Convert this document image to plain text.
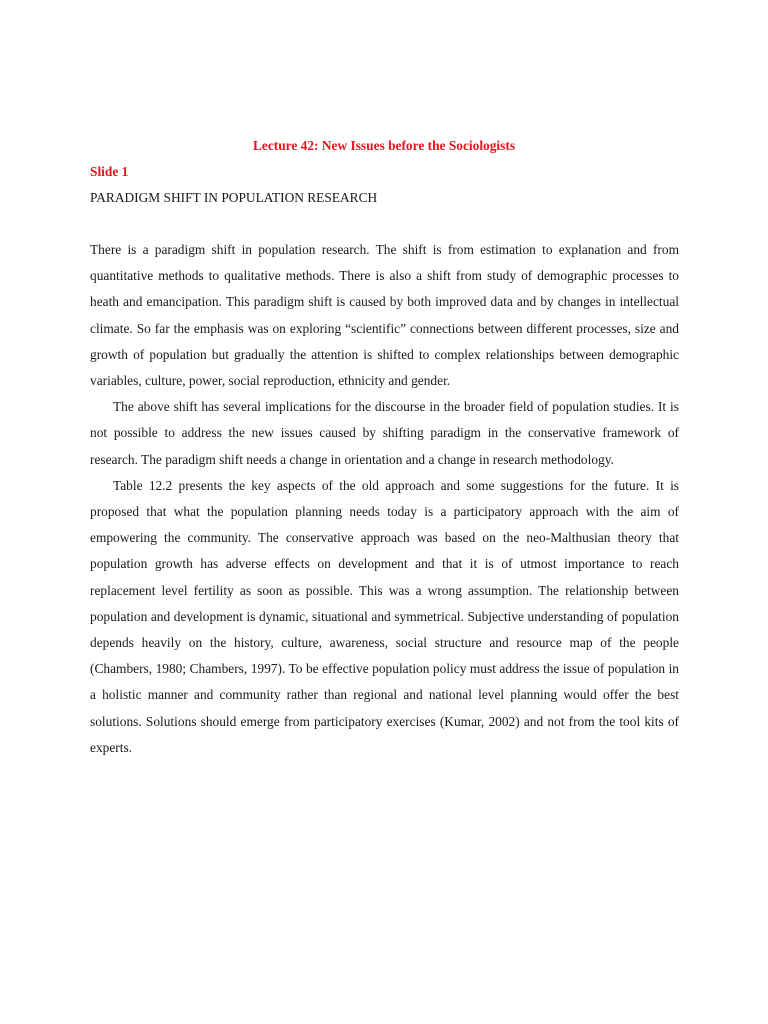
Lecture 42: New Issues before the Sociologists
Slide 1
PARADIGM SHIFT IN POPULATION RESEARCH

There is a paradigm shift in population research. The shift is from estimation to explanation and from quantitative methods to qualitative methods. There is also a shift from study of demographic processes to heath and emancipation. This paradigm shift is caused by both improved data and by changes in intellectual climate. So far the emphasis was on exploring “scientific” connections between different processes, size and growth of population but gradually the attention is shifted to complex relationships between demographic variables, culture, power, social reproduction, ethnicity and gender.

The above shift has several implications for the discourse in the broader field of population studies. It is not possible to address the new issues caused by shifting paradigm in the conservative framework of research. The paradigm shift needs a change in orientation and a change in research methodology.

Table 12.2 presents the key aspects of the old approach and some suggestions for the future. It is proposed that what the population planning needs today is a participatory approach with the aim of empowering the community. The conservative approach was based on the neo-Malthusian theory that population growth has adverse effects on development and that it is of utmost importance to reach replacement level fertility as soon as possible. This was a wrong assumption. The relationship between population and development is dynamic, situational and symmetrical. Subjective understanding of population depends heavily on the history, culture, awareness, social structure and resource map of the people (Chambers, 1980; Chambers, 1997). To be effective population policy must address the issue of population in a holistic manner and community rather than regional and national level planning would offer the best solutions. Solutions should emerge from participatory exercises (Kumar, 2002) and not from the tool kits of experts.
